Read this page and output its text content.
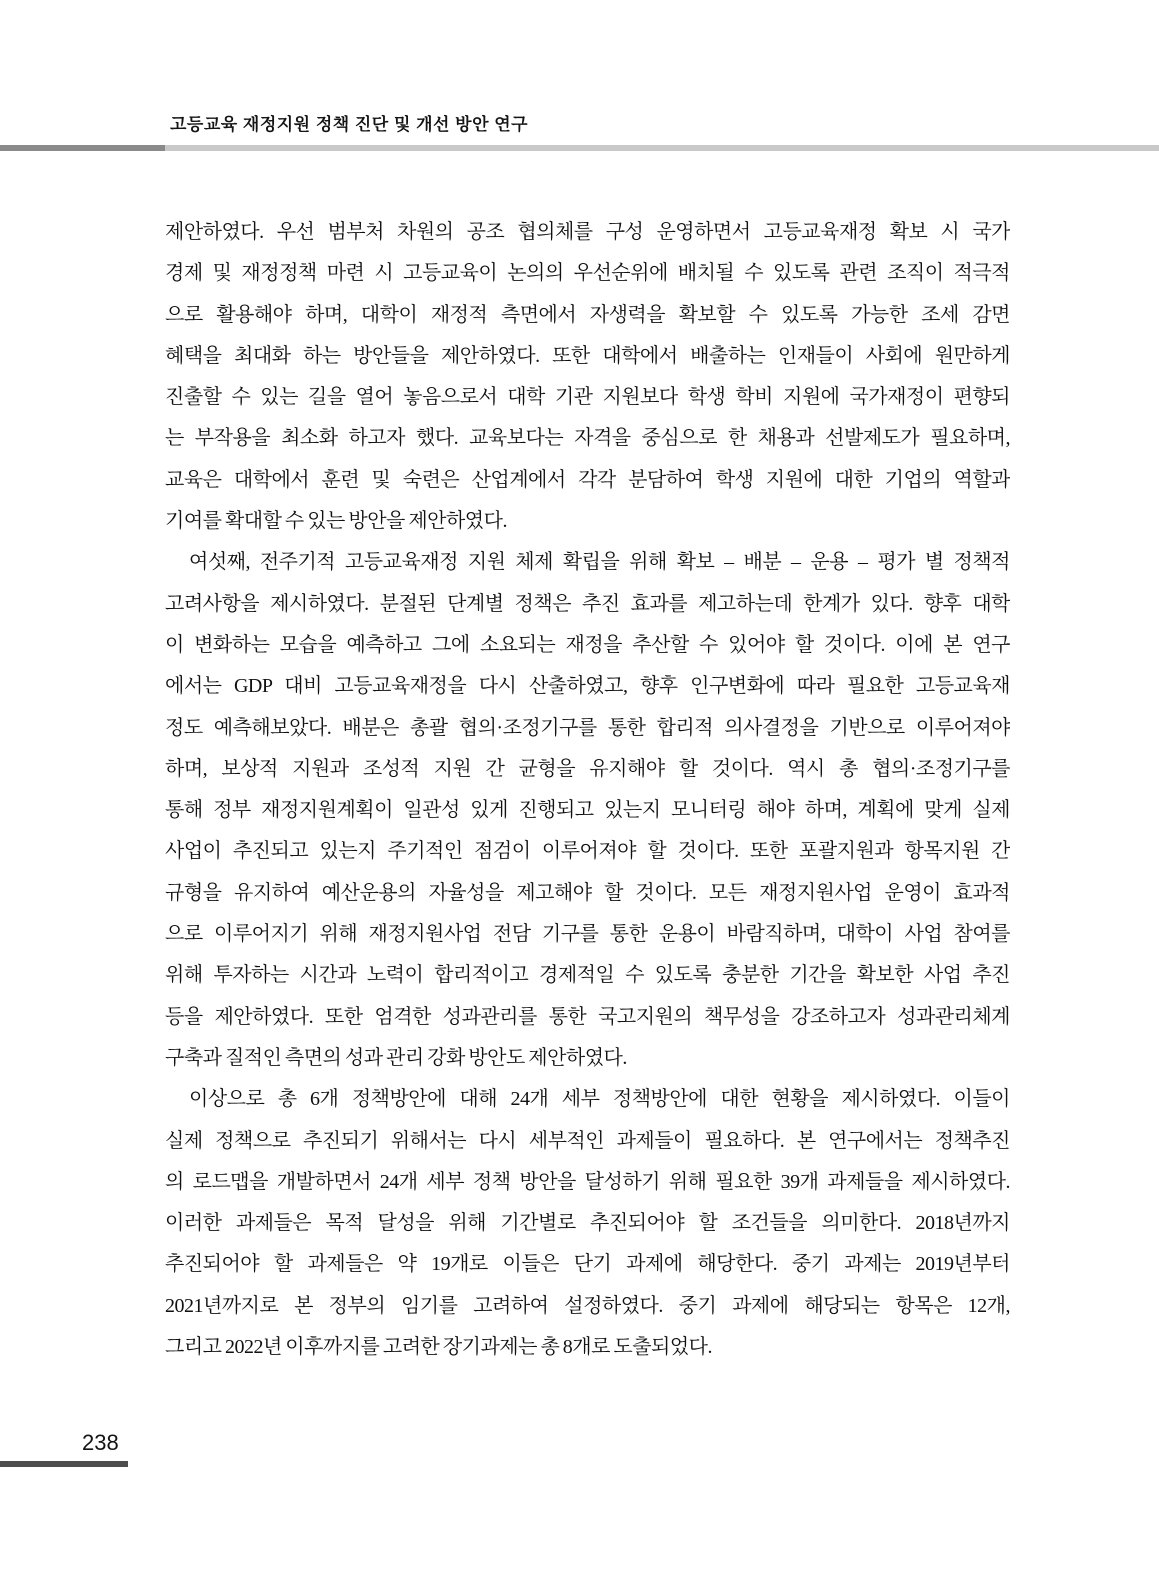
고등교육 재정지원 정책 진단 및 개선 방안 연구
제안하였다. 우선 범부처 차원의 공조 협의체를 구성 운영하면서 고등교육재정 확보 시 국가
경제 및 재정정책 마련 시 고등교육이 논의의 우선순위에 배치될 수 있도록 관련 조직이 적극적
으로 활용해야 하며, 대학이 재정적 측면에서 자생력을 확보할 수 있도록 가능한 조세 감면
혜택을 최대화 하는 방안들을 제안하였다. 또한 대학에서 배출하는 인재들이 사회에 원만하게
진출할 수 있는 길을 열어 놓음으로서 대학 기관 지원보다 학생 학비 지원에 국가재정이 편향되
는 부작용을 최소화 하고자 했다. 교육보다는 자격을 중심으로 한 채용과 선발제도가 필요하며,
교육은 대학에서 훈련 및 숙련은 산업계에서 각각 분담하여 학생 지원에 대한 기업의 역할과
기여를 확대할 수 있는 방안을 제안하였다.
여섯째, 전주기적 고등교육재정 지원 체제 확립을 위해 확보 – 배분 – 운용 – 평가 별 정책적
고려사항을 제시하였다. 분절된 단계별 정책은 추진 효과를 제고하는데 한계가 있다. 향후 대학
이 변화하는 모습을 예측하고 그에 소요되는 재정을 추산할 수 있어야 할 것이다. 이에 본 연구
에서는 GDP 대비 고등교육재정을 다시 산출하였고, 향후 인구변화에 따라 필요한 고등교육재
정도 예측해보았다. 배분은 총괄 협의·조정기구를 통한 합리적 의사결정을 기반으로 이루어져야
하며, 보상적 지원과 조성적 지원 간 균형을 유지해야 할 것이다. 역시 총 협의·조정기구를
통해 정부 재정지원계획이 일관성 있게 진행되고 있는지 모니터링 해야 하며, 계획에 맞게 실제
사업이 추진되고 있는지 주기적인 점검이 이루어져야 할 것이다. 또한 포괄지원과 항목지원 간
규형을 유지하여 예산운용의 자율성을 제고해야 할 것이다. 모든 재정지원사업 운영이 효과적
으로 이루어지기 위해 재정지원사업 전담 기구를 통한 운용이 바람직하며, 대학이 사업 참여를
위해 투자하는 시간과 노력이 합리적이고 경제적일 수 있도록 충분한 기간을 확보한 사업 추진
등을 제안하였다. 또한 엄격한 성과관리를 통한 국고지원의 책무성을 강조하고자 성과관리체계
구축과 질적인 측면의 성과 관리 강화 방안도 제안하였다.
이상으로 총 6개 정책방안에 대해 24개 세부 정책방안에 대한 현황을 제시하였다. 이들이
실제 정책으로 추진되기 위해서는 다시 세부적인 과제들이 필요하다. 본 연구에서는 정책추진
의 로드맵을 개발하면서 24개 세부 정책 방안을 달성하기 위해 필요한 39개 과제들을 제시하였다.
이러한 과제들은 목적 달성을 위해 기간별로 추진되어야 할 조건들을 의미한다. 2018년까지
추진되어야 할 과제들은 약 19개로 이들은 단기 과제에 해당한다. 중기 과제는 2019년부터
2021년까지로 본 정부의 임기를 고려하여 설정하였다. 중기 과제에 해당되는 항목은 12개,
그리고 2022년 이후까지를 고려한 장기과제는 총 8개로 도출되었다.
238
